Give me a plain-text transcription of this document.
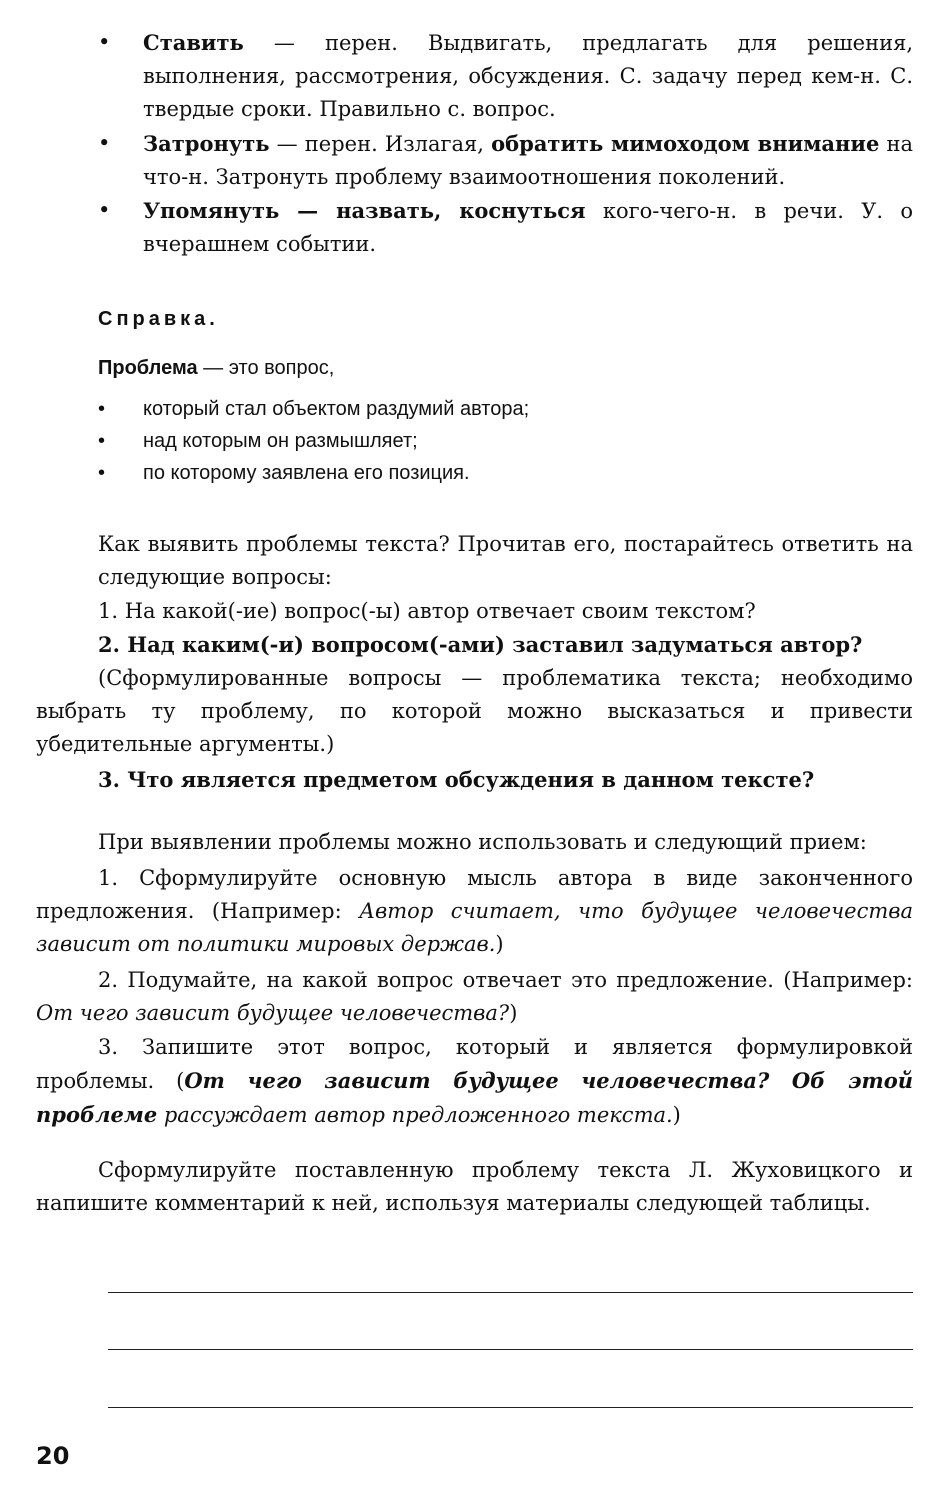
•	Ставить — перен. Выдвигать, предлагать для решения, выполнения, рассмотрения, обсуждения. С. задачу перед кем-н. С. твердые сроки. Правильно с. вопрос.
•	Затронуть — перен. Излагая, обратить мимоходом внимание на что-н. Затронуть проблему взаимоотношения поколений.
•	Упомянуть — назвать, коснуться кого-чего-н. в речи. У. о вчерашнем событии.
Справка.
Проблема — это вопрос,
•	который стал объектом раздумий автора;
•	над которым он размышляет;
•	по которому заявлена его позиция.
Как выявить проблемы текста? Прочитав его, постарайтесь ответить на следующие вопросы:
1. На какой(-ие) вопрос(-ы) автор отвечает своим текстом?
2. Над каким(-и) вопросом(-ами) заставил задуматься автор?
(Сформулированные вопросы — проблематика текста; необходимо выбрать ту проблему, по которой можно высказаться и привести убедительные аргументы.)
3. Что является предметом обсуждения в данном тексте?
При выявлении проблемы можно использовать и следующий прием:
1. Сформулируйте основную мысль автора в виде законченного предложения. (Например: Автор считает, что будущее человечества зависит от политики мировых держав.)
2. Подумайте, на какой вопрос отвечает это предложение. (Например: От чего зависит будущее человечества?)
3. Запишите этот вопрос, который и является формулировкой проблемы. (От чего зависит будущее человечества? Об этой проблеме рассуждает автор предложенного текста.)
Сформулируйте поставленную проблему текста Л. Жуховицкого и напишите комментарий к ней, используя материалы следующей таблицы.
20
